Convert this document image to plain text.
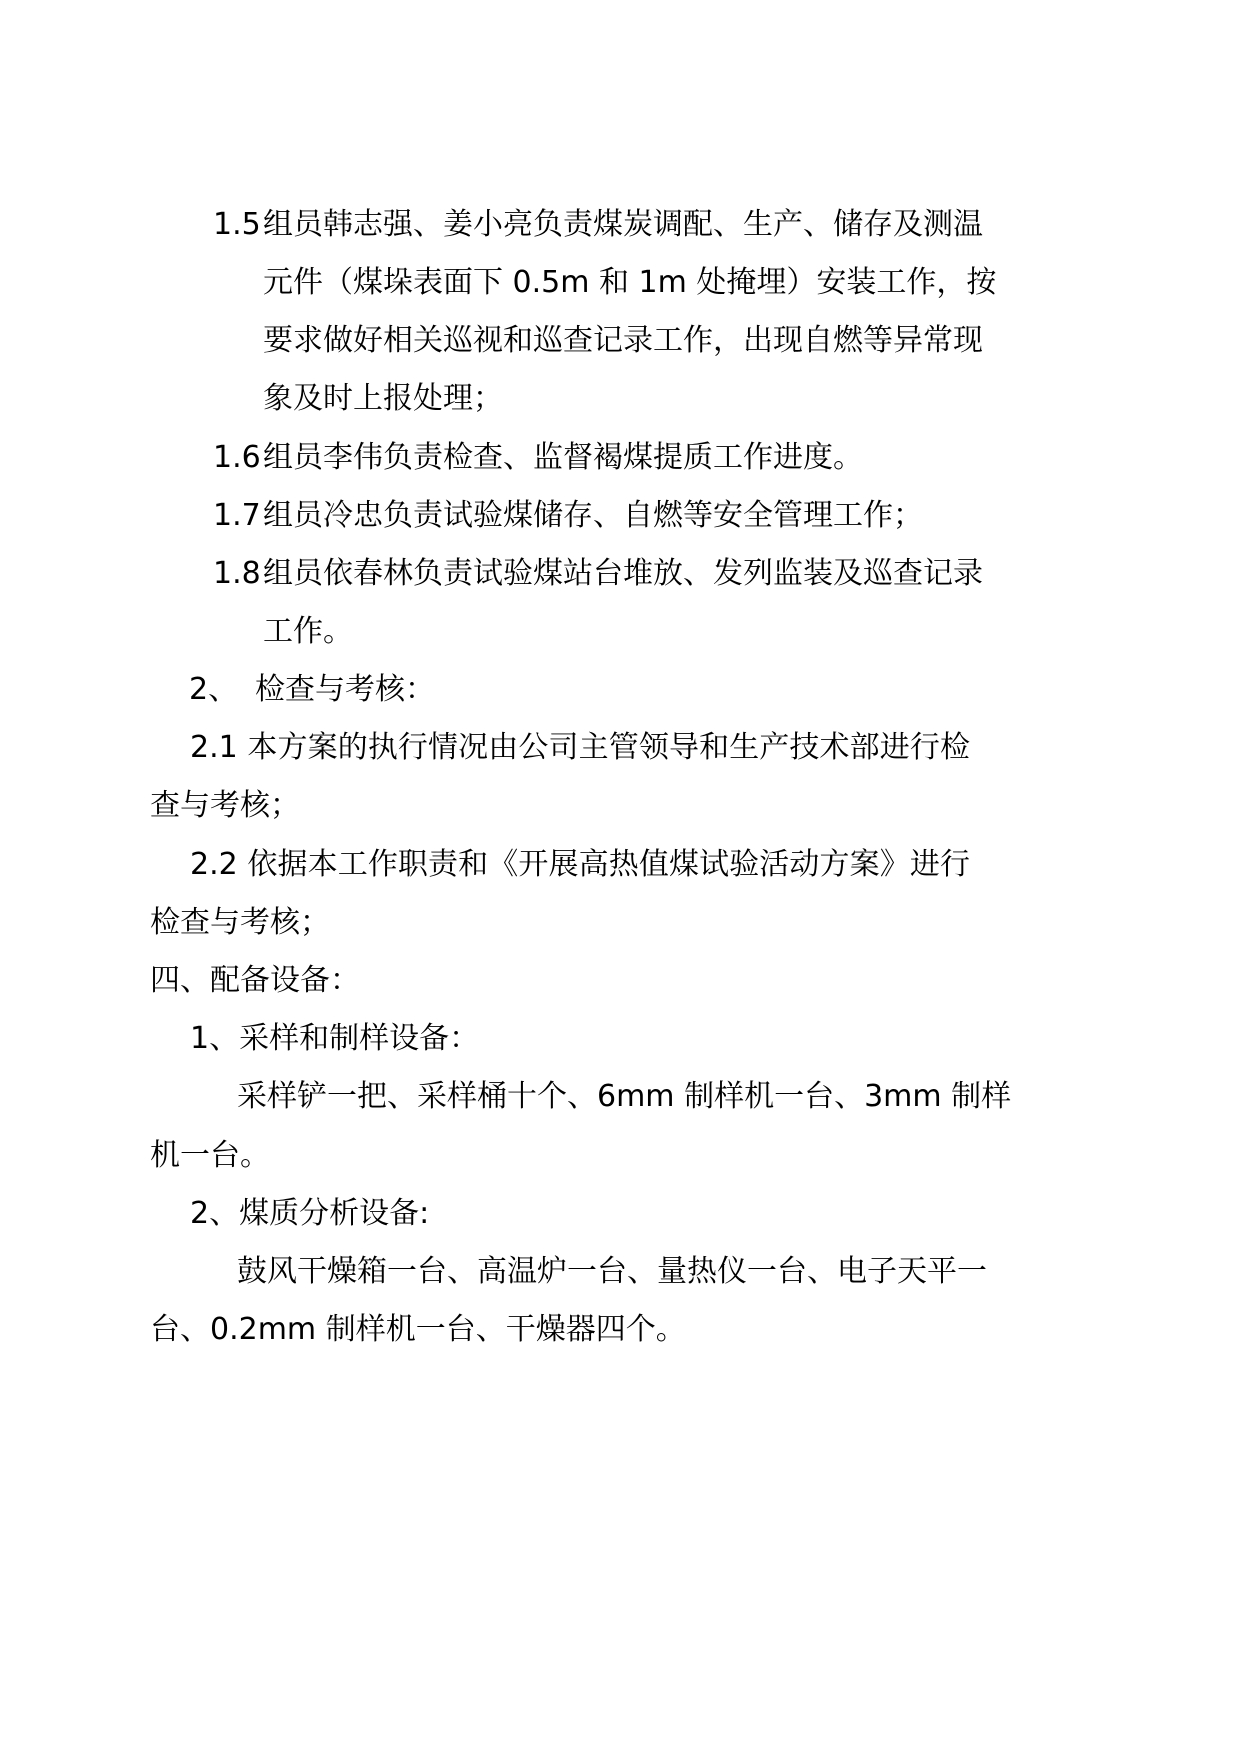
1.5 组员韩志强、姜小亮负责煤炭调配、生产、储存及测温
元件（煤垛表面下 0.5m 和 1m 处掩埋）安装工作，按
要求做好相关巡视和巡查记录工作，出现自燃等异常现
象及时上报处理；
1.6 组员李伟负责检查、监督褐煤提质工作进度。
1.7 组员冷忠负责试验煤储存、自燃等安全管理工作；
1.8 组员依春林负责试验煤站台堆放、发列监装及巡查记录
工作。
2、 检查与考核：
2.1 本方案的执行情况由公司主管领导和生产技术部进行检
查与考核；
2.2 依据本工作职责和《开展高热值煤试验活动方案》进行
检查与考核；
四、配备设备：
1、采样和制样设备：
采样铲一把、采样桶十个、6mm 制样机一台、3mm 制样
机一台。
2、煤质分析设备:
鼓风干燥箱一台、高温炉一台、量热仪一台、电子天平一
台、0.2mm 制样机一台、干燥器四个。
